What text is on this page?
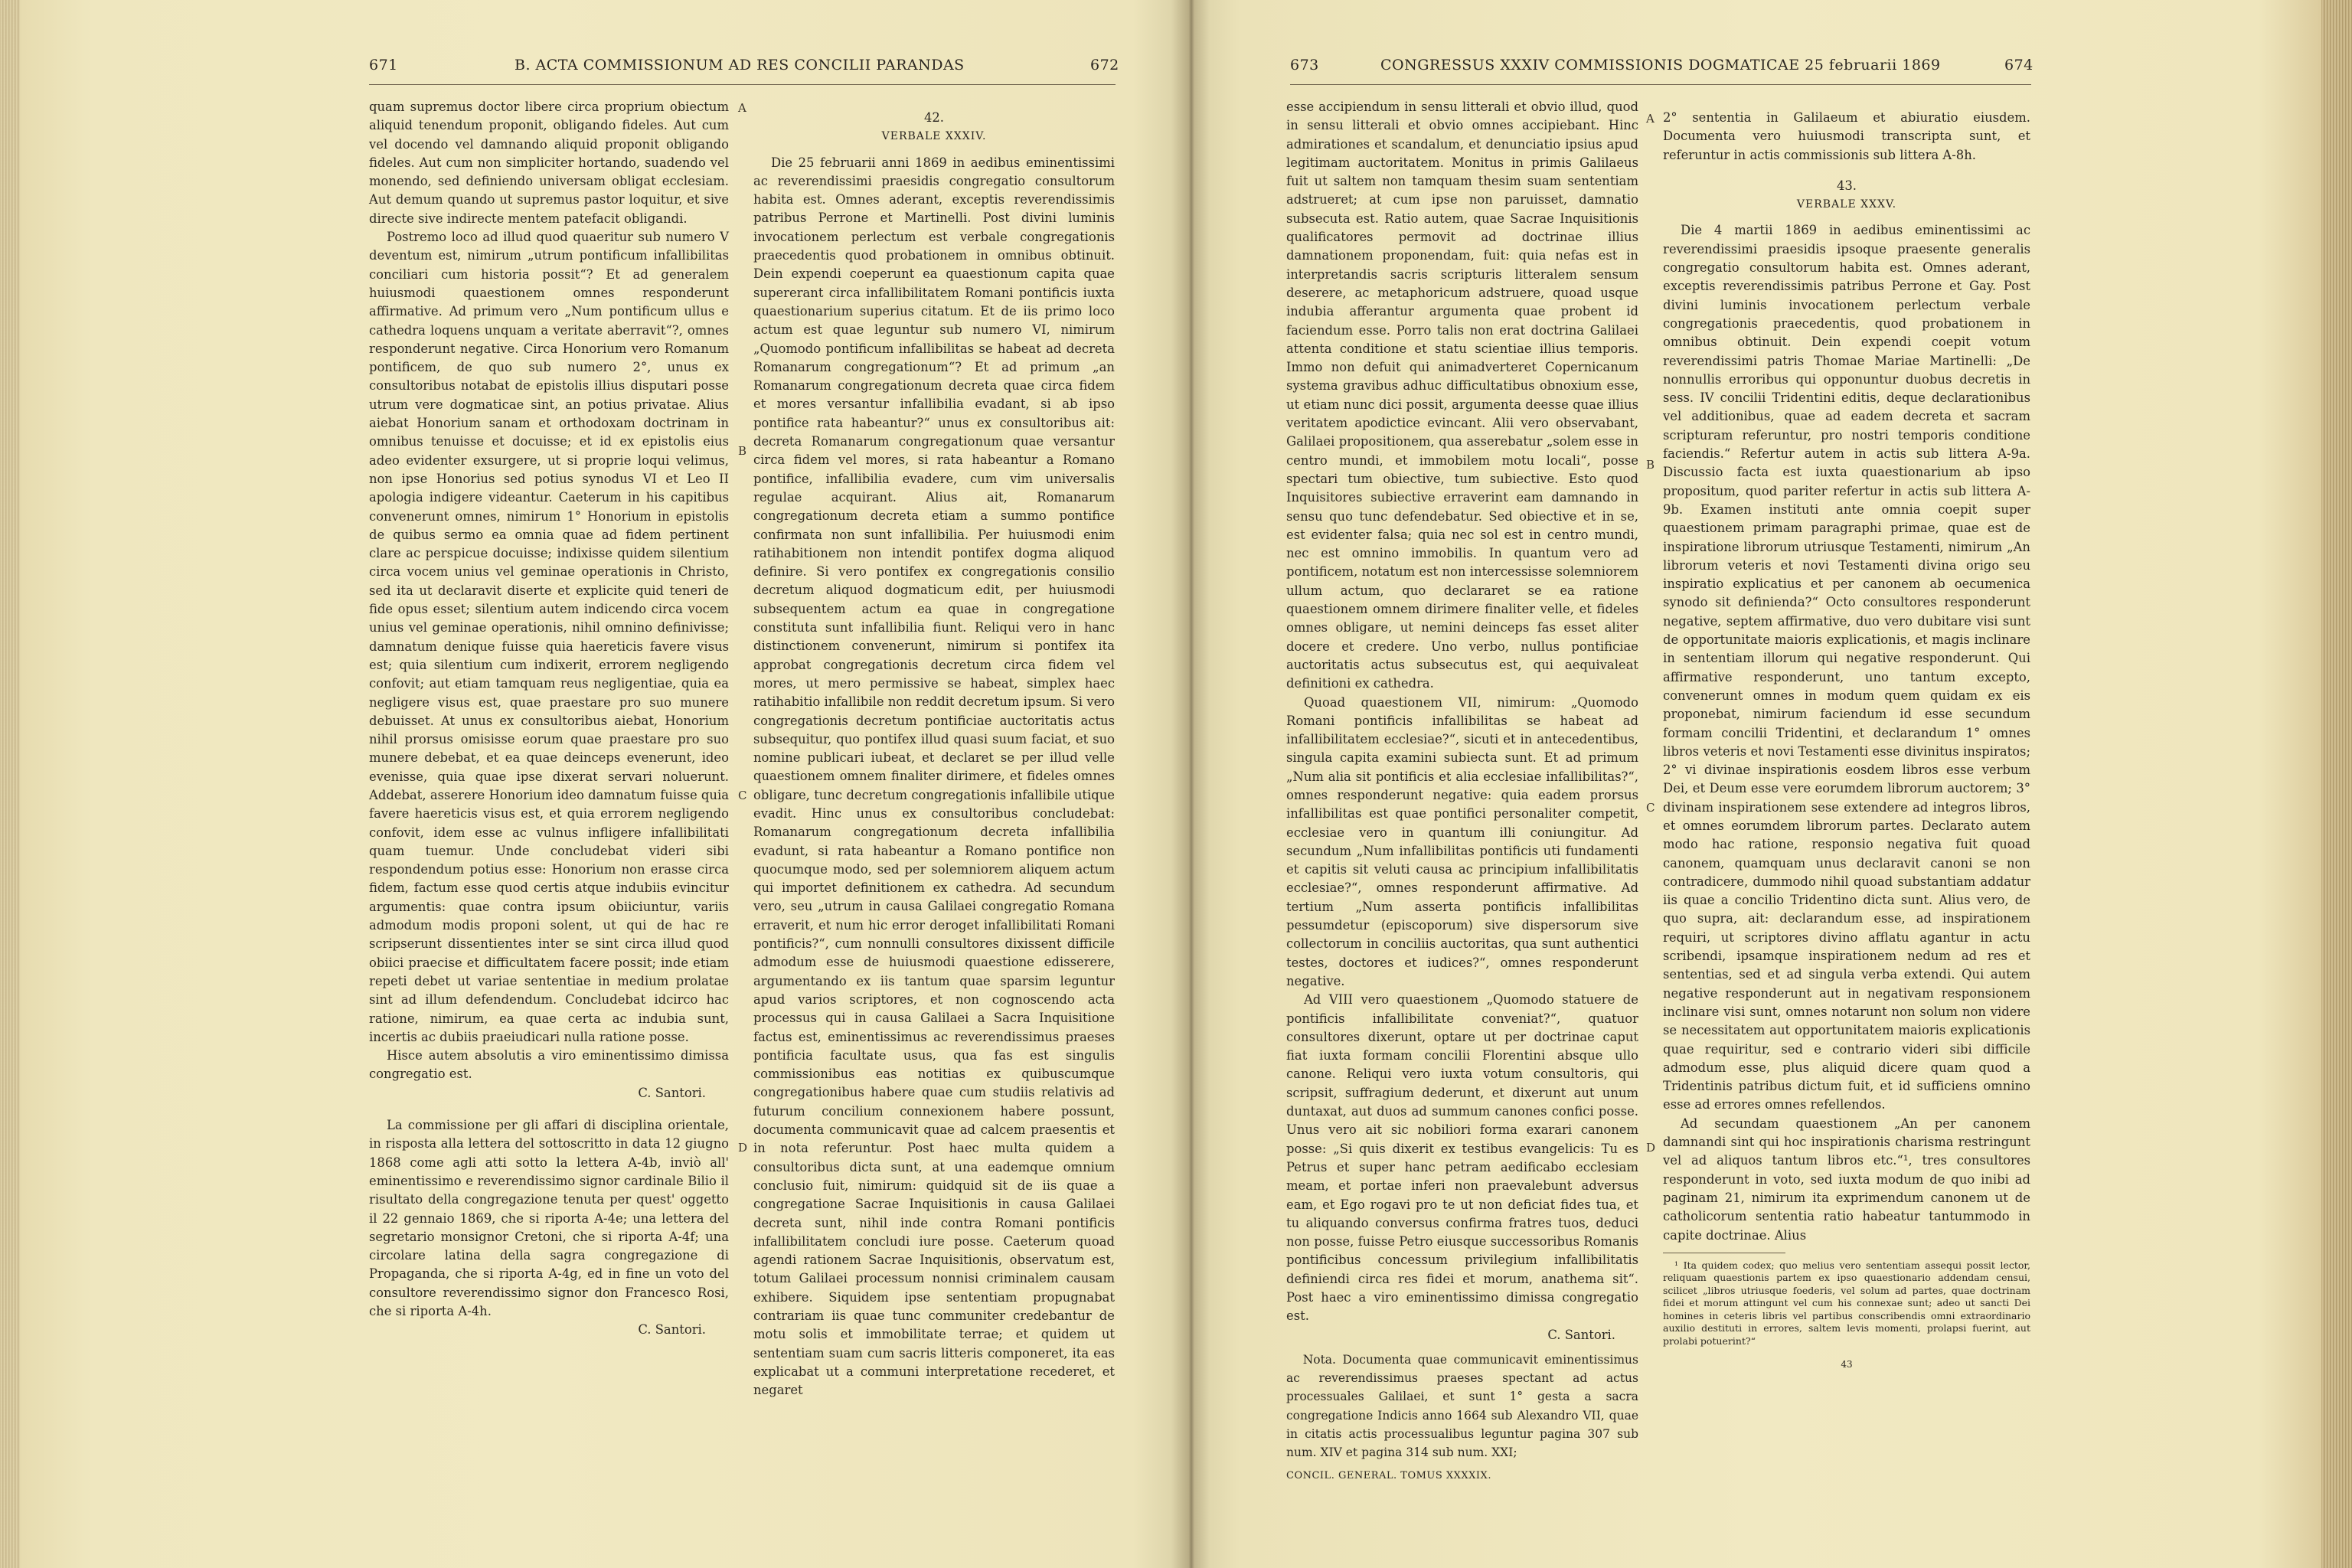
671	B. ACTA COMMISSIONUM AD RES CONCILII PARANDAS	672

quam supremus doctor libere circa proprium obiectum aliquid tenendum proponit, obligando fideles. Aut cum vel docendo vel damnando aliquid proponit obligando fideles. Aut cum non simpliciter hortando, suadendo vel monendo, sed definiendo universam obligat ecclesiam. Aut demum quando ut supremus pastor loquitur, et sive directe sive indirecte mentem patefacit obligandi.

Postremo loco ad illud quod quaeritur sub numero V deventum est, nimirum „utrum pontificum infallibilitas conciliari cum historia possit“? Et ad generalem huiusmodi quaestionem omnes responderunt affirmative. Ad primum vero „Num pontificum ullus e cathedra loquens unquam a veritate aberravit“?, omnes responderunt negative. Circa Honorium vero Romanum pontificem, de quo sub numero 2°, unus ex consultoribus notabat de epistolis illius disputari posse utrum vere dogmaticae sint, an potius privatae. Alius aiebat Honorium sanam et orthodoxam doctrinam in omnibus tenuisse et docuisse; et id ex epistolis eius adeo evidenter exsurgere, ut si proprie loqui velimus, non ipse Honorius sed potius synodus VI et Leo II apologia indigere videantur. Caeterum in his capitibus convenerunt omnes, nimirum 1° Honorium in epistolis de quibus sermo ea omnia quae ad fidem pertinent clare ac perspicue docuisse; indixisse quidem silentium circa vocem unius vel geminae operationis in Christo, sed ita ut declaravit diserte et explicite quid teneri de fide opus esset; silentium autem indicendo circa vocem unius vel geminae operationis, nihil omnino definivisse; damnatum denique fuisse quia haereticis favere visus est; quia silentium cum indixerit, errorem negligendo confovit; aut etiam tamquam reus negligentiae, quia ea negligere visus est, quae praestare pro suo munere debuisset. At unus ex consultoribus aiebat, Honorium nihil prorsus omisisse eorum quae praestare pro suo munere debebat, et ea quae deinceps evenerunt, ideo evenisse, quia quae ipse dixerat servari noluerunt. Addebat, asserere Honorium ideo damnatum fuisse quia favere haereticis visus est, et quia errorem negligendo confovit, idem esse ac vulnus infligere infallibilitati quam tuemur. Unde concludebat videri sibi respondendum potius esse: Honorium non erasse circa fidem, factum esse quod certis atque indubiis evincitur argumentis: quae contra ipsum obiiciuntur, variis admodum modis proponi solent, ut qui de hac re scripserunt dissentientes inter se sint circa illud quod obiici praecise et difficultatem facere possit; inde etiam repeti debet ut variae sententiae in medium prolatae sint ad illum defendendum. Concludebat idcirco hac ratione, nimirum, ea quae certa ac indubia sunt, incertis ac dubiis praeiudicari nulla ratione posse.

Hisce autem absolutis a viro eminentissimo dimissa congregatio est.

C. Santori.

La commissione per gli affari di disciplina orientale, in risposta alla lettera del sottoscritto in data 12 giugno 1868 come agli atti sotto la lettera A-4b, inviò all' eminentissimo e reverendissimo signor cardinale Bilio il risultato della congregazione tenuta per quest' oggetto il 22 gennaio 1869, che si riporta A-4e; una lettera del segretario monsignor Cretoni, che si riporta A-4f; una circolare latina della sagra congregazione di Propaganda, che si riporta A-4g, ed in fine un voto del consultore reverendissimo signor don Francesco Rosi, che si riporta A-4h.

C. Santori.

A
B
C
D

42.

VERBALE XXXIV.

Die 25 februarii anni 1869 in aedibus eminentissimi ac reverendissimi praesidis congregatio consultorum habita est. Omnes aderant, exceptis reverendissimis patribus Perrone et Martinelli. Post divini luminis invocationem perlectum est verbale congregationis praecedentis quod probationem in omnibus obtinuit. Dein expendi coeperunt ea quaestionum capita quae supererant circa infallibilitatem Romani pontificis iuxta quaestionarium superius citatum. Et de iis primo loco actum est quae leguntur sub numero VI, nimirum „Quomodo pontificum infallibilitas se habeat ad decreta Romanarum congregationum“? Et ad primum „an Romanarum congregationum decreta quae circa fidem et mores versantur infallibilia evadant, si ab ipso pontifice rata habeantur?“ unus ex consultoribus ait: decreta Romanarum congregationum quae versantur circa fidem vel mores, si rata habeantur a Romano pontifice, infallibilia evadere, cum vim universalis regulae acquirant. Alius ait, Romanarum congregationum decreta etiam a summo pontifice confirmata non sunt infallibilia. Per huiusmodi enim ratihabitionem non intendit pontifex dogma aliquod definire. Si vero pontifex ex congregationis consilio decretum aliquod dogmaticum edit, per huiusmodi subsequentem actum ea quae in congregatione constituta sunt infallibilia fiunt. Reliqui vero in hanc distinctionem convenerunt, nimirum si pontifex ita approbat congregationis decretum circa fidem vel mores, ut mero permissive se habeat, simplex haec ratihabitio infallibile non reddit decretum ipsum. Si vero congregationis decretum pontificiae auctoritatis actus subsequitur, quo pontifex illud quasi suum faciat, et suo nomine publicari iubeat, et declaret se per illud velle quaestionem omnem finaliter dirimere, et fideles omnes obligare, tunc decretum congregationis infallibile utique evadit. Hinc unus ex consultoribus concludebat: Romanarum congregationum decreta infallibilia evadunt, si rata habeantur a Romano pontifice non quocumque modo, sed per solemniorem aliquem actum qui importet definitionem ex cathedra. Ad secundum vero, seu „utrum in causa Galilaei congregatio Romana erraverit, et num hic error deroget infallibilitati Romani pontificis?“, cum nonnulli consultores dixissent difficile admodum esse de huiusmodi quaestione edisserere, argumentando ex iis tantum quae sparsim leguntur apud varios scriptores, et non cognoscendo acta processus qui in causa Galilaei a Sacra Inquisitione factus est, eminentissimus ac reverendissimus praeses pontificia facultate usus, qua fas est singulis commissionibus eas notitias ex quibuscumque congregationibus habere quae cum studiis relativis ad futurum concilium connexionem habere possunt, documenta communicavit quae ad calcem praesentis et in nota referuntur. Post haec multa quidem a consultoribus dicta sunt, at una eademque omnium conclusio fuit, nimirum: quidquid sit de iis quae a congregatione Sacrae Inquisitionis in causa Galilaei decreta sunt, nihil inde contra Romani pontificis infallibilitatem concludi iure posse. Caeterum quoad agendi rationem Sacrae Inquisitionis, observatum est, totum Galilaei processum nonnisi criminalem causam exhibere. Siquidem ipse sententiam propugnabat contrariam iis quae tunc communiter credebantur de motu solis et immobilitate terrae; et quidem ut sententiam suam cum sacris litteris componeret, ita eas explicabat ut a communi interpretatione recederet, et negaret

673	CONGRESSUS XXXIV COMMISSIONIS DOGMATICAE 25 februarii 1869	674

esse accipiendum in sensu litterali et obvio illud, quod in sensu litterali et obvio omnes accipiebant. Hinc admirationes et scandalum, et denunciatio ipsius apud legitimam auctoritatem. Monitus in primis Galilaeus fuit ut saltem non tamquam thesim suam sententiam adstrueret; at cum ipse non paruisset, damnatio subsecuta est. Ratio autem, quae Sacrae Inquisitionis qualificatores permovit ad doctrinae illius damnationem proponendam, fuit: quia nefas est in interpretandis sacris scripturis litteralem sensum deserere, ac metaphoricum adstruere, quoad usque indubia afferantur argumenta quae probent id faciendum esse. Porro talis non erat doctrina Galilaei attenta conditione et statu scientiae illius temporis. Immo non defuit qui animadverteret Copernicanum systema gravibus adhuc difficultatibus obnoxium esse, ut etiam nunc dici possit, argumenta deesse quae illius veritatem apodictice evincant. Alii vero observabant, Galilaei propositionem, qua asserebatur „solem esse in centro mundi, et immobilem motu locali“, posse spectari tum obiective, tum subiective. Esto quod Inquisitores subiective erraverint eam damnando in sensu quo tunc defendebatur. Sed obiective et in se, est evidenter falsa; quia nec sol est in centro mundi, nec est omnino immobilis. In quantum vero ad pontificem, notatum est non intercessisse solemniorem ullum actum, quo declararet se ea ratione quaestionem omnem dirimere finaliter velle, et fideles omnes obligare, ut nemini deinceps fas esset aliter docere et credere. Uno verbo, nullus pontificiae auctoritatis actus subsecutus est, qui aequivaleat definitioni ex cathedra.

Quoad quaestionem VII, nimirum: „Quomodo Romani pontificis infallibilitas se habeat ad infallibilitatem ecclesiae?“, sicuti et in antecedentibus, singula capita examini subiecta sunt. Et ad primum „Num alia sit pontificis et alia ecclesiae infallibilitas?“, omnes responderunt negative: quia eadem prorsus infallibilitas est quae pontifici personaliter competit, ecclesiae vero in quantum illi coniungitur. Ad secundum „Num infallibilitas pontificis uti fundamenti et capitis sit veluti causa ac principium infallibilitatis ecclesiae?“, omnes responderunt affirmative. Ad tertium „Num asserta pontificis infallibilitas pessumdetur (episcoporum) sive dispersorum sive collectorum in conciliis auctoritas, qua sunt authentici testes, doctores et iudices?“, omnes responderunt negative.

Ad VIII vero quaestionem „Quomodo statuere de pontificis infallibilitate conveniat?“, quatuor consultores dixerunt, optare ut per doctrinae caput fiat iuxta formam concilii Florentini absque ullo canone. Reliqui vero iuxta votum consultoris, qui scripsit, suffragium dederunt, et dixerunt aut unum duntaxat, aut duos ad summum canones confici posse. Unus vero ait sic nobiliori forma exarari canonem posse: „Si quis dixerit ex testibus evangelicis: Tu es Petrus et super hanc petram aedificabo ecclesiam meam, et portae inferi non praevalebunt adversus eam, et Ego rogavi pro te ut non deficiat fides tua, et tu aliquando conversus confirma fratres tuos, deduci non posse, fuisse Petro eiusque successoribus Romanis pontificibus concessum privilegium infallibilitatis definiendi circa res fidei et morum, anathema sit“. Post haec a viro eminentissimo dimissa congregatio est.

C. Santori.

Nota. Documenta quae communicavit eminentissimus ac reverendissimus praeses spectant ad actus processuales Galilaei, et sunt 1° gesta a sacra congregatione Indicis anno 1664 sub Alexandro VII, quae in citatis actis processualibus leguntur pagina 307 sub num. XIV et pagina 314 sub num. XXI;

CONCIL. GENERAL. TOMUS XXXXIX.
A
B
C
D

2° sententia in Galilaeum et abiuratio eiusdem. Documenta vero huiusmodi transcripta sunt, et referuntur in actis commissionis sub littera A-8h.

43.

VERBALE XXXV.

Die 4 martii 1869 in aedibus eminentissimi ac reverendissimi praesidis ipsoque praesente generalis congregatio consultorum habita est. Omnes aderant, exceptis reverendissimis patribus Perrone et Gay. Post divini luminis invocationem perlectum verbale congregationis praecedentis, quod probationem in omnibus obtinuit. Dein expendi coepit votum reverendissimi patris Thomae Mariae Martinelli: „De nonnullis erroribus qui opponuntur duobus decretis in sess. IV concilii Tridentini editis, deque declarationibus vel additionibus, quae ad eadem decreta et sacram scripturam referuntur, pro nostri temporis conditione faciendis.“ Refertur autem in actis sub littera A-9a. Discussio facta est iuxta quaestionarium ab ipso propositum, quod pariter refertur in actis sub littera A-9b. Examen instituti ante omnia coepit super quaestionem primam paragraphi primae, quae est de inspiratione librorum utriusque Testamenti, nimirum „An librorum veteris et novi Testamenti divina origo seu inspiratio explicatius et per canonem ab oecumenica synodo sit definienda?“ Octo consultores responderunt negative, septem affirmative, duo vero dubitare visi sunt de opportunitate maioris explicationis, et magis inclinare in sententiam illorum qui negative responderunt. Qui affirmative responderunt, uno tantum excepto, convenerunt omnes in modum quem quidam ex eis proponebat, nimirum faciendum id esse secundum formam concilii Tridentini, et declarandum 1° omnes libros veteris et novi Testamenti esse divinitus inspiratos; 2° vi divinae inspirationis eosdem libros esse verbum Dei, et Deum esse vere eorumdem librorum auctorem; 3° divinam inspirationem sese extendere ad integros libros, et omnes eorumdem librorum partes. Declarato autem modo hac ratione, responsio negativa fuit quoad canonem, quamquam unus declaravit canoni se non contradicere, dummodo nihil quoad substantiam addatur iis quae a concilio Tridentino dicta sunt. Alius vero, de quo supra, ait: declarandum esse, ad inspirationem requiri, ut scriptores divino afflatu agantur in actu scribendi, ipsamque inspirationem nedum ad res et sententias, sed et ad singula verba extendi. Qui autem negative responderunt aut in negativam responsionem inclinare visi sunt, omnes notarunt non solum non videre se necessitatem aut opportunitatem maioris explicationis quae requiritur, sed e contrario videri sibi difficile admodum esse, plus aliquid dicere quam quod a Tridentinis patribus dictum fuit, et id sufficiens omnino esse ad errores omnes refellendos.

Ad secundam quaestionem „An per canonem damnandi sint qui hoc inspirationis charisma restringunt vel ad aliquos tantum libros etc.“¹, tres consultores responderunt in voto, sed iuxta modum de quo inibi ad paginam 21, nimirum ita exprimendum canonem ut de catholicorum sententia ratio habeatur tantummodo in capite doctrinae. Alius

¹ Ita quidem codex; quo melius vero sententiam assequi possit lector, reliquam quaestionis partem ex ipso quaestionario addendam censui, scilicet „libros utriusque foederis, vel solum ad partes, quae doctrinam fidei et morum attingunt vel cum his connexae sunt; adeo ut sancti Dei homines in ceteris libris vel partibus conscribendis omni extraordinario auxilio destituti in errores, saltem levis momenti, prolapsi fuerint, aut prolabi potuerint?“

43
